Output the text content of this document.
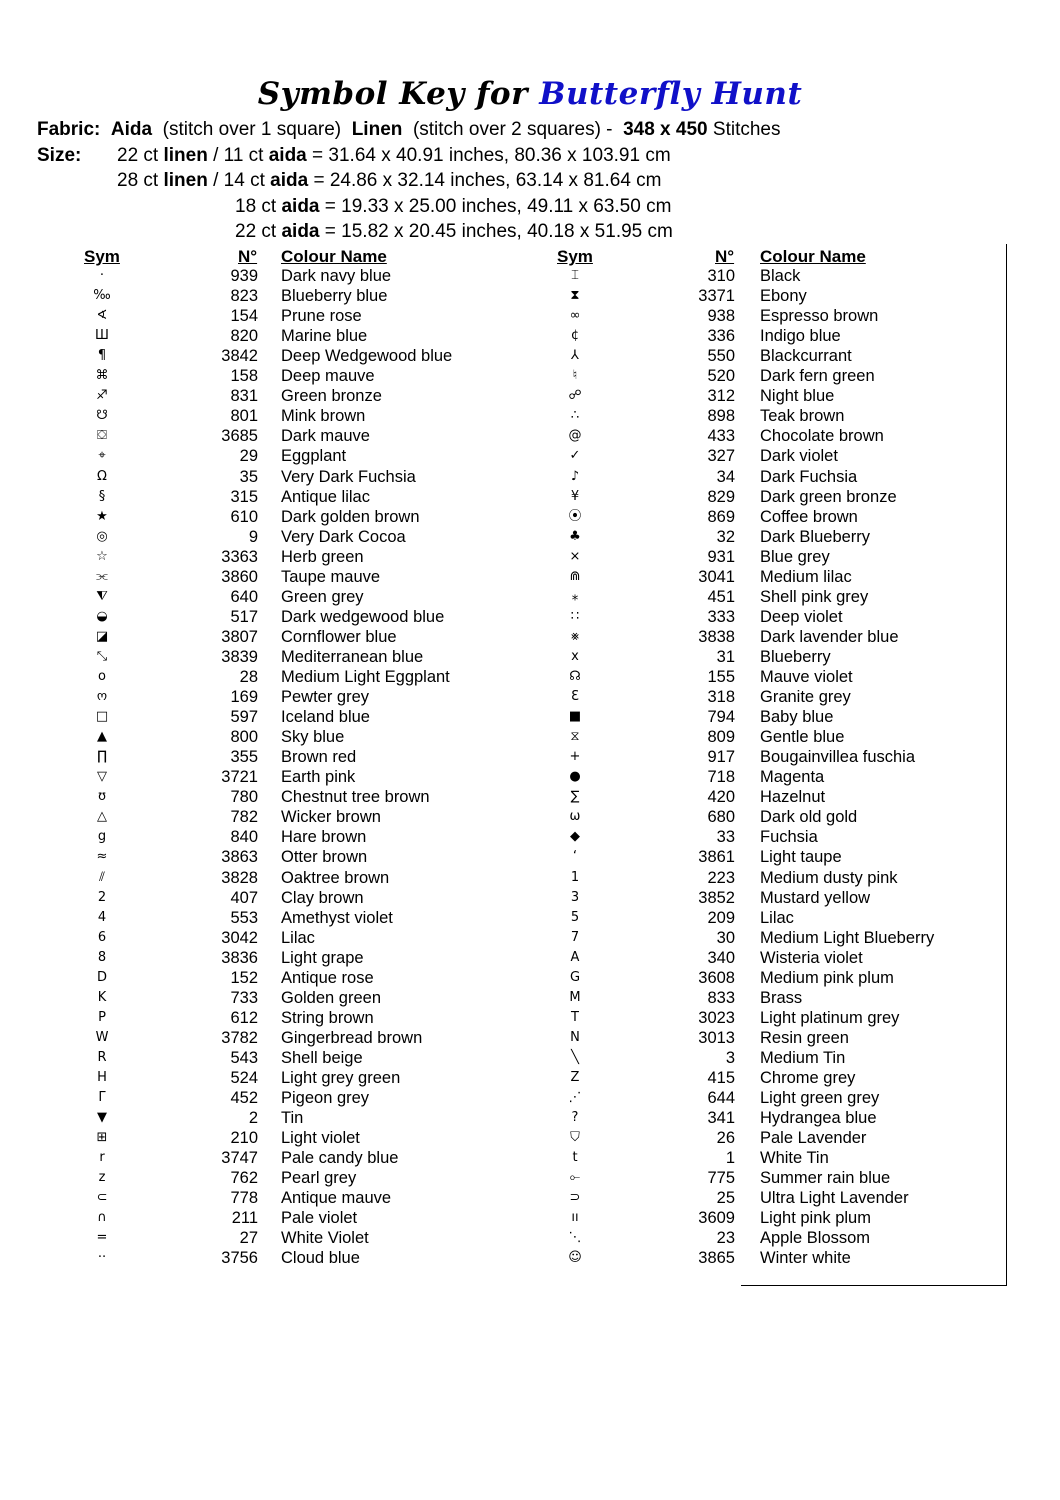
Symbol Key for Butterfly Hunt
Fabric: Aida (stitch over 1 square) Linen (stitch over 2 squares) - 348 x 450 Stitches
Size: 22 ct linen / 11 ct aida = 31.64 x 40.91 inches, 80.36 x 103.91 cm
28 ct linen / 14 ct aida = 24.86 x 32.14 inches, 63.14 x 81.64 cm
18 ct aida = 19.33 x 25.00 inches, 49.11 x 63.50 cm
22 ct aida = 15.82 x 20.45 inches, 40.18 x 51.95 cm
Sym	N° Colour Name	Sym	N° Colour Name
·	939 Dark navy blue
‰	823 Blueberry blue
∢	154 Prune rose
Ш	820 Marine blue
¶	3842 Deep Wedgewood blue
⌘	158 Deep mauve
♐	831 Green bronze
☋	801 Mink brown
⛋	3685 Dark mauve
⌖	29 Eggplant
Ω	35 Very Dark Fuchsia
§	315 Antique lilac
★	610 Dark golden brown
◎	9 Very Dark Cocoa
☆	3363 Herb green
⫘	3860 Taupe mauve
⧨	640 Green grey
◒	517 Dark wedgewood blue
◪	3807 Cornflower blue
⤡	3839 Mediterranean blue
o	28 Medium Light Eggplant
ო	169 Pewter grey
□	597 Iceland blue
▲	800 Sky blue
∏	355 Brown red
▽	3721 Earth pink
ʊ	780 Chestnut tree brown
△	782 Wicker brown
g	840 Hare brown
≈	3863 Otter brown
⫽	3828 Oaktree brown
2	407 Clay brown
4	553 Amethyst violet
6	3042 Lilac
8	3836 Light grape
D	152 Antique rose
K	733 Golden green
P	612 String brown
W	3782 Gingerbread brown
R	543 Shell beige
H	524 Light grey green
Γ	452 Pigeon grey
▼	2 Tin
⊞	210 Light violet
r	3747 Pale candy blue
z	762 Pearl grey
⊂	778 Antique mauve
∩	211 Pale violet
=	27 White Violet
··	3756 Cloud blue
⌶	310 Black
⧗	3371 Ebony
∞	938 Espresso brown
¢	336 Indigo blue
⅄	550 Blackcurrant
♮	520 Dark fern green
☍	312 Night blue
∴	898 Teak brown
@	433 Chocolate brown
✓	327 Dark violet
♪	34 Dark Fuchsia
¥	829 Dark green bronze
⦿	869 Coffee brown
♣	32 Dark Blueberry
⨯	931 Blue grey
⋒	3041 Medium lilac
⁎	451 Shell pink grey
∷	333 Deep violet
⨳	3838 Dark lavender blue
x	31 Blueberry
☊	155 Mauve violet
Ɛ	318 Granite grey
■	794 Baby blue
⧖	809 Gentle blue
+	917 Bougainvillea fuschia
●	718 Magenta
∑	420 Hazelnut
ω	680 Dark old gold
◆	33 Fuchsia
‘	3861 Light taupe
1	223 Medium dusty pink
3	3852 Mustard yellow
5	209 Lilac
7	30 Medium Light Blueberry
A	340 Wisteria violet
G	3608 Medium pink plum
M	833 Brass
T	3023 Light platinum grey
N	3013 Resin green
╲	3 Medium Tin
Z	415 Chrome grey
⋰	644 Light green grey
?	341 Hydrangea blue
⛉	26 Pale Lavender
t	1 White Tin
⟜	775 Summer rain blue
⊃	25 Ultra Light Lavender
ıı	3609 Light pink plum
⋱	23 Apple Blossom
☺	3865 Winter white
